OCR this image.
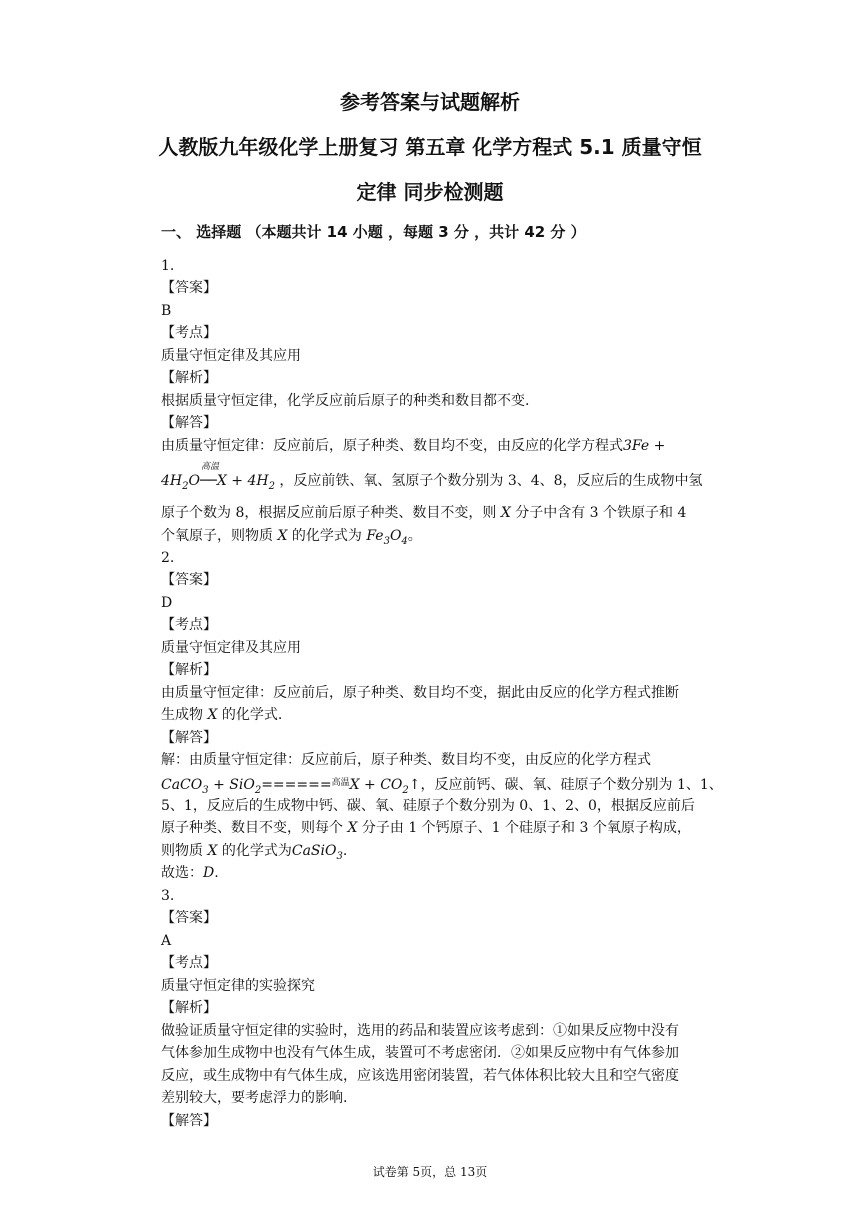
参考答案与试题解析
人教版九年级化学上册复习 第五章 化学方程式 5.1 质量守恒
定律 同步检测题
一、 选择题 （本题共计 14 小题 ，每题 3 分 ，共计 42 分 ）
1.
【答案】
B
【考点】
质量守恒定律及其应用
【解析】
根据质量守恒定律，化学反应前后原子的种类和数目都不变.
【解答】
由质量守恒定律：反应前后，原子种类、数目均不变，由反应的化学方程式3Fe +
$4H_2O$
高温
──X + $4H_2$ ，反应前铁、氧、氢原子个数分别为 3、4、8，反应后的生成物中氢
原子个数为 8，根据反应前后原子种类、数目不变，则 X 分子中含有 3 个铁原子和 4
个氧原子，则物质 X 的化学式为 $Fe_3O_4$。
2.
【答案】
D
【考点】
质量守恒定律及其应用
【解析】
由质量守恒定律：反应前后，原子种类、数目均不变，据此由反应的化学方程式推断
生成物 X 的化学式.
【解答】
解：由质量守恒定律：反应前后，原子种类、数目均不变，由反应的化学方程式
CaCO$_3$ + $SiO_2======^{高温}X + CO_2↑$，反应前钙、碳、氧、硅原子个数分别为 1、1、
5、1，反应后的生成物中钙、碳、氧、硅原子个数分别为 0、1、2、0，根据反应前后
原子种类、数目不变，则每个 X 分子由 1 个钙原子、1 个硅原子和 3 个氧原子构成，
则物质 X 的化学式为CaSiO$_3$.
故选：D.
3.
【答案】
A
【考点】
质量守恒定律的实验探究
【解析】
做验证质量守恒定律的实验时，选用的药品和装置应该考虑到：①如果反应物中没有
气体参加生成物中也没有气体生成，装置可不考虑密闭．②如果反应物中有气体参加
反应，或生成物中有气体生成，应该选用密闭装置，若气体体积比较大且和空气密度
差别较大，要考虑浮力的影响.
【解答】
试卷第 5页，总 13页
